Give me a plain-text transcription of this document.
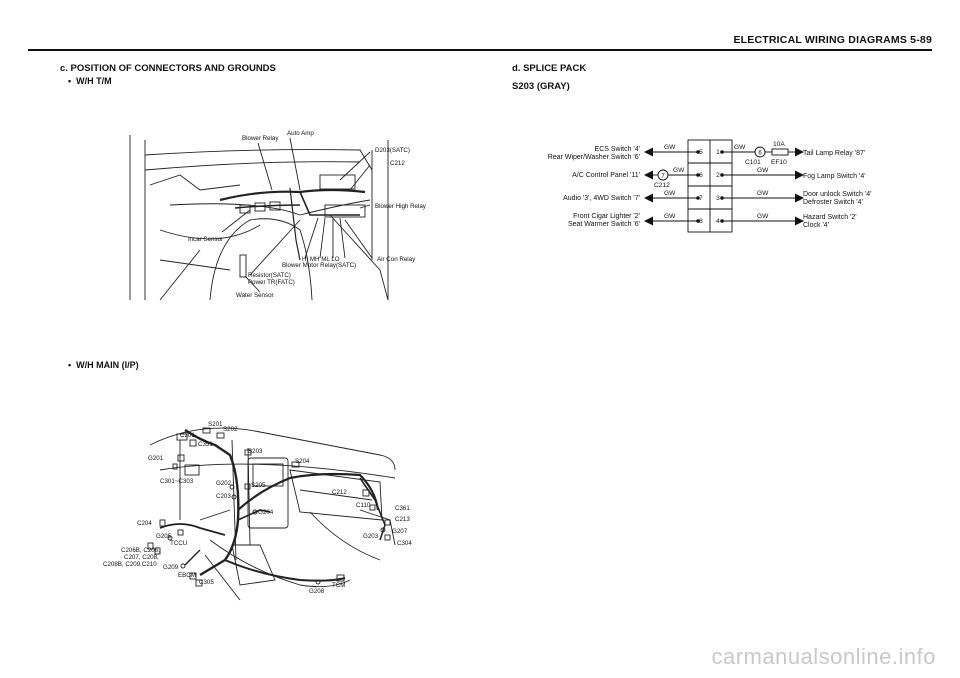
ELECTRICAL WIRING DIAGRAMS 5-89
c. POSITION OF CONNECTORS AND GROUNDS
•  W/H T/M
•  W/H MAIN (I/P)
d. SPLICE PACK
S203 (GRAY)
Blower Relay
Auto Amp
D203(SATC)
C212
Blower High Relay
Incar Sensor
Air Con Relay
HI MH ML LO
Blower Motor Relay(SATC)
Resistor(SATC)
Power TR(FATC)
Water Sensor
S201
S202
C201
C351
G201
C301~C303
S203
G202	S205
C203
S204
C212
C110	C361
C213
G204
C204
G205
TCCU
G207
G203
C304
C206B, C206,
C207, C208,
C208B, C209,C210 G209
EBCM
C305
G208
TCM
5
6
7
8
1
2
3
4
GW
GW
GW
GW
GW
GW
GW
GW
7
C212
6
C101
10A
EF10
ECS Switch '4'
Rear Wiper/Washer Switch '6'
A/C Control Panel '11'
Audio '3', 4WD Switch '7'
Front Cigar Lighter '2'
Seat Warmer Switch '6'
Tail Lamp Relay '87'
Fog Lamp Switch '4'
Door unlock Switch '4'
Defroster Switch '4'
Hazard Switch '2'
Clock '4'
carmanualsonline.info
